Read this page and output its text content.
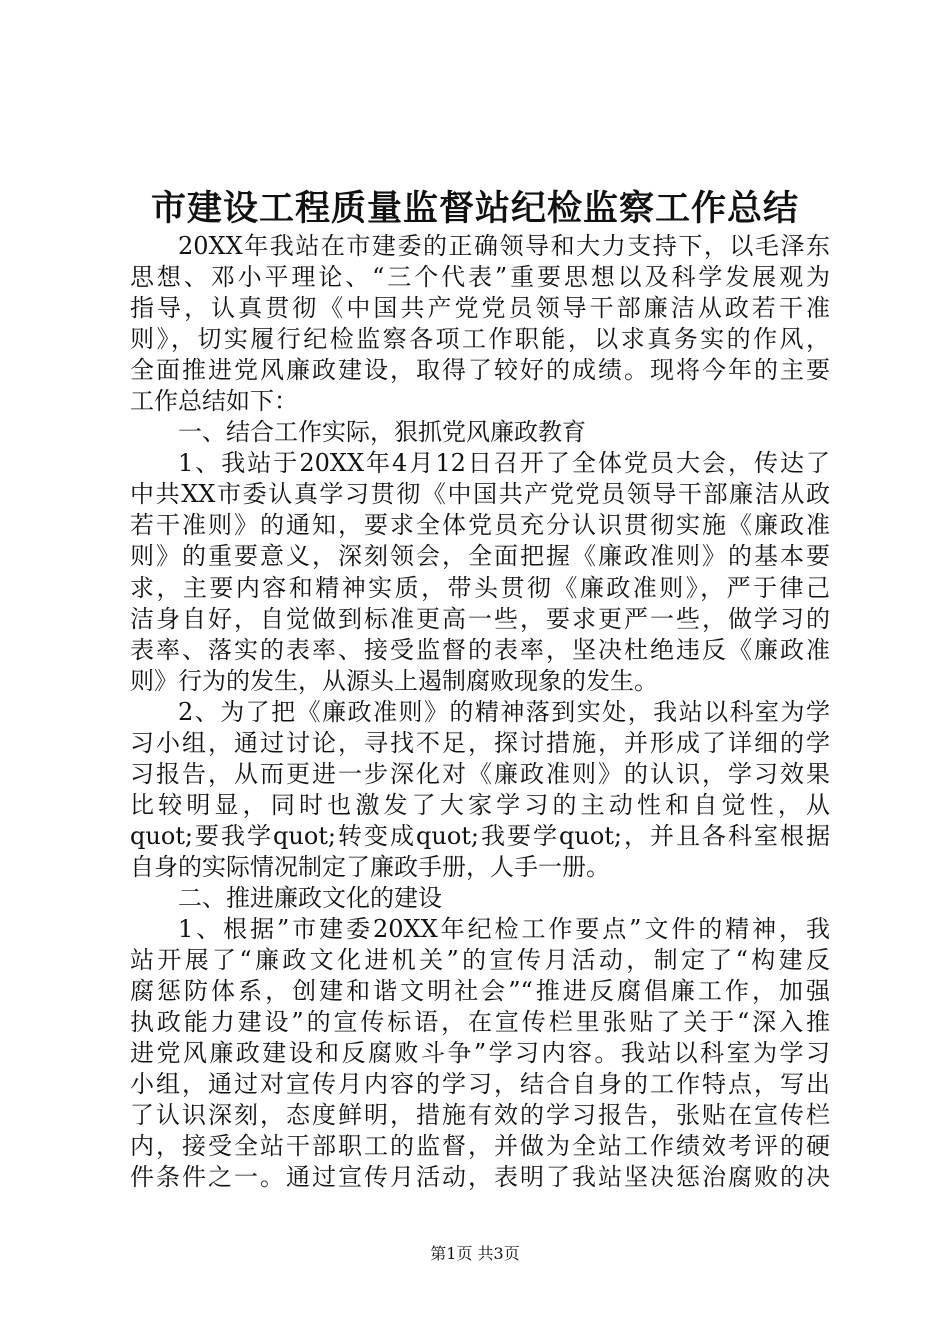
市建设工程质量监督站纪检监察工作总结
20XX年我站在市建委的正确领导和大力支持下，以毛泽东
思想、邓小平理论、“三个代表”重要思想以及科学发展观为
指导，认真贯彻《中国共产党党员领导干部廉洁从政若干准
则》，切实履行纪检监察各项工作职能，以求真务实的作风，
全面推进党风廉政建设，取得了较好的成绩。现将今年的主要
工作总结如下：
一、结合工作实际，狠抓党风廉政教育
1、我站于20XX年4月12日召开了全体党员大会，传达了
中共XX市委认真学习贯彻《中国共产党党员领导干部廉洁从政
若干准则》的通知，要求全体党员充分认识贯彻实施《廉政准
则》的重要意义，深刻领会，全面把握《廉政准则》的基本要
求，主要内容和精神实质，带头贯彻《廉政准则》，严于律己
洁身自好，自觉做到标准更高一些，要求更严一些，做学习的
表率、落实的表率、接受监督的表率，坚决杜绝违反《廉政准
则》行为的发生，从源头上遏制腐败现象的发生。
2、为了把《廉政准则》的精神落到实处，我站以科室为学
习小组，通过讨论，寻找不足，探讨措施，并形成了详细的学
习报告，从而更进一步深化对《廉政准则》的认识，学习效果
比较明显，同时也激发了大家学习的主动性和自觉性，从
quot;要我学quot;转变成quot;我要学quot;，并且各科室根据
自身的实际情况制定了廉政手册，人手一册。
二、推进廉政文化的建设
1、根据”市建委20XX年纪检工作要点”文件的精神，我
站开展了“廉政文化进机关”的宣传月活动，制定了“构建反
腐惩防体系，创建和谐文明社会”“推进反腐倡廉工作，加强
执政能力建设”的宣传标语，在宣传栏里张贴了关于“深入推
进党风廉政建设和反腐败斗争”学习内容。我站以科室为学习
小组，通过对宣传月内容的学习，结合自身的工作特点，写出
了认识深刻，态度鲜明，措施有效的学习报告，张贴在宣传栏
内，接受全站干部职工的监督，并做为全站工作绩效考评的硬
件条件之一。通过宣传月活动，表明了我站坚决惩治腐败的决
第1页 共3页
